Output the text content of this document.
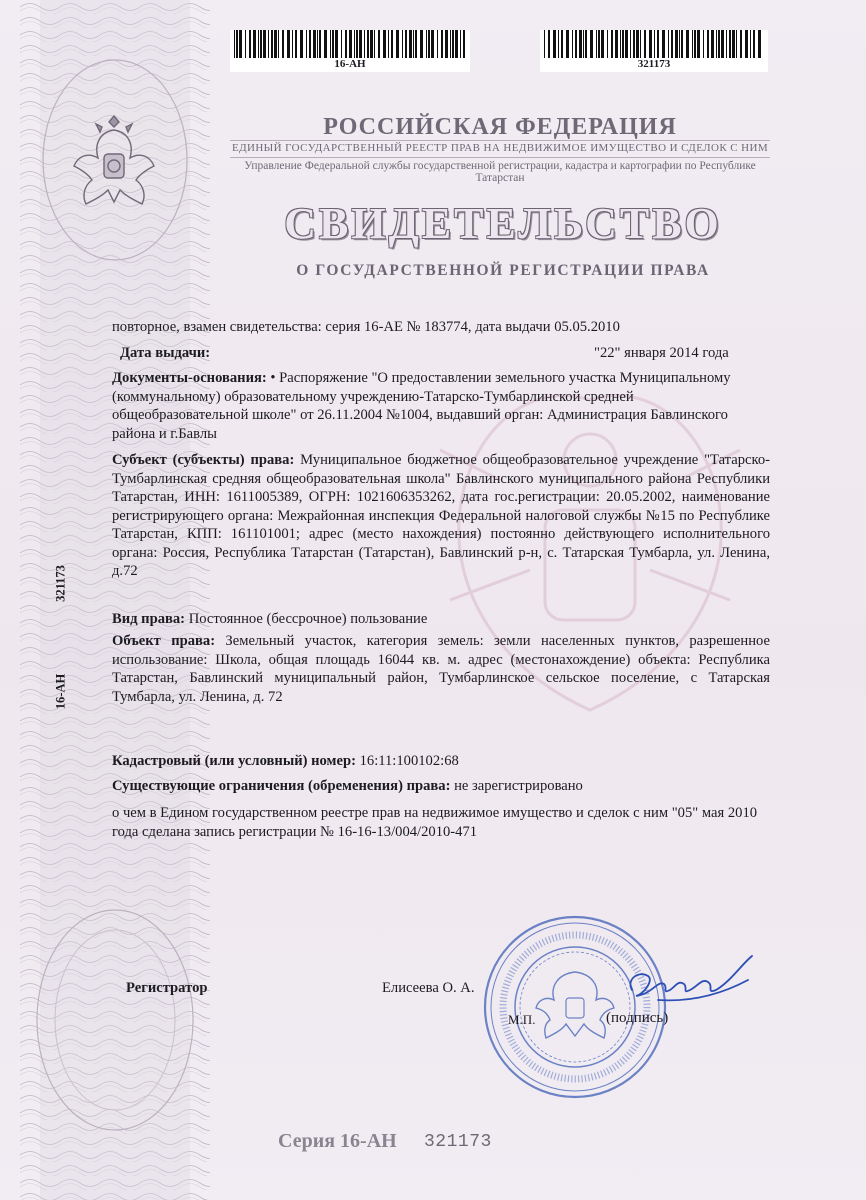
16-АН	321173
РОССИЙСКАЯ ФЕДЕРАЦИЯ
ЕДИНЫЙ ГОСУДАРСТВЕННЫЙ РЕЕСТР ПРАВ НА НЕДВИЖИМОЕ ИМУЩЕСТВО И СДЕЛОК С НИМ
Управление Федеральной службы государственной регистрации, кадастра и картографии по Республике Татарстан
СВИДЕТЕЛЬСТВО
О ГОСУДАРСТВЕННОЙ РЕГИСТРАЦИИ ПРАВА
321173
16-АН
повторное, взамен свидетельства: серия 16-АЕ № 183774, дата выдачи 05.05.2010
Дата выдачи:	"22" января 2014 года

Документы-основания: • Распоряжение "О предоставлении земельного участка Муниципальному (коммунальному) образовательному учреждению-Татарско-Тумбарлинской средней общеобразовательной школе" от 26.11.2004 №1004, выдавший орган: Администрация Бавлинского района и г.Бавлы

Субъект (субъекты) права: Муниципальное бюджетное общеобразовательное учреждение "Татарско-Тумбарлинская средняя общеобразовательная школа" Бавлинского муниципального района Республики Татарстан, ИНН: 1611005389, ОГРН: 1021606353262, дата гос.регистрации: 20.05.2002, наименование регистрирующего органа: Межрайонная инспекция Федеральной налоговой службы №15 по Республике Татарстан, КПП: 161101001; адрес (место нахождения) постоянно действующего исполнительного органа: Россия, Республика Татарстан (Татарстан), Бавлинский р-н, с. Татарская Тумбарла, ул. Ленина, д.72

Вид права: Постоянное (бессрочное) пользование

Объект права: Земельный участок, категория земель: земли населенных пунктов, разрешенное использование: Школа, общая площадь 16044 кв. м. адрес (местонахождение) объекта: Республика Татарстан, Бавлинский муниципальный район, Тумбарлинское сельское поселение, с Татарская Тумбарла, ул. Ленина, д. 72

Кадастровый (или условный) номер: 16:11:100102:68

Существующие ограничения (обременения) права: не зарегистрировано

о чем в Едином государственном реестре прав на недвижимое имущество и сделок с ним "05" мая 2010 года сделана запись регистрации № 16-16-13/004/2010-471
Регистратор	Елисеева О. А.
М.П.	(подпись)
Серия 16-АН 321173
